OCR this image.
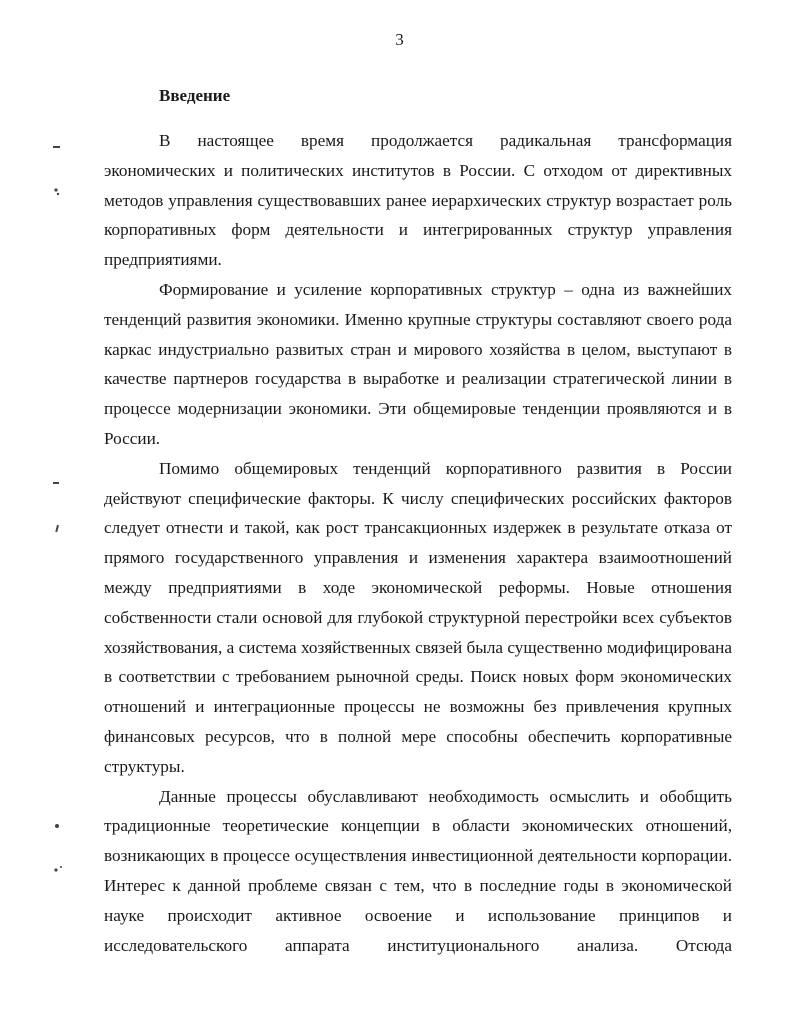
3
Введение

В настоящее время продолжается радикальная трансформация экономических и политических институтов в России. С отходом от директивных методов управления существовавших ранее иерархических структур возрастает роль корпоративных форм деятельности и интегрированных структур управления предприятиями.

Формирование и усиление корпоративных структур – одна из важнейших тенденций развития экономики. Именно крупные структуры составляют своего рода каркас индустриально развитых стран и мирового хозяйства в целом, выступают в качестве партнеров государства в выработке и реализации стратегической линии в процессе модернизации экономики. Эти общемировые тенденции проявляются и в России.

Помимо общемировых тенденций корпоративного развития в России действуют специфические факторы. К числу специфических российских факторов следует отнести и такой, как рост трансакционных издержек в результате отказа от прямого государственного управления и изменения характера взаимоотношений между предприятиями в ходе экономической реформы. Новые отношения собственности стали основой для глубокой структурной перестройки всех субъектов хозяйствования, а система хозяйственных связей была существенно модифицирована в соответствии с требованием рыночной среды. Поиск новых форм экономических отношений и интеграционные процессы не возможны без привлечения крупных финансовых ресурсов, что в полной мере способны обеспечить корпоративные структуры.

Данные процессы обуславливают необходимость осмыслить и обобщить традиционные теоретические концепции в области экономических отношений, возникающих в процессе осуществления инвестиционной деятельности корпорации. Интерес к данной проблеме связан с тем, что в последние годы в экономической науке происходит активное освоение и использование принципов и исследовательского аппарата институционального анализа. Отсюда
